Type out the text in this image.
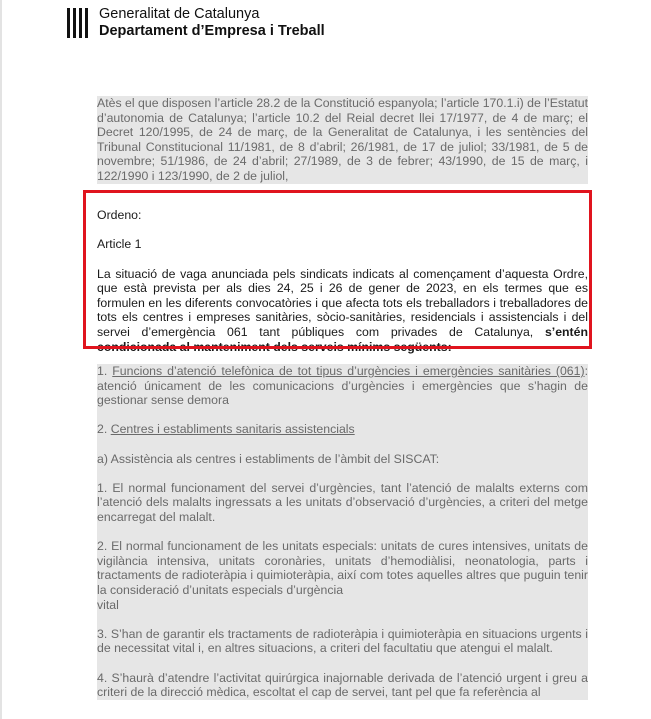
Generalitat de Catalunya
Departament d’Empresa i Treball

Atès el que disposen l’article 28.2 de la Constitució espanyola; l’article 170.1.i) de l’Estatut d’autonomia de Catalunya; l’article 10.2 del Reial decret llei 17/1977, de 4 de març; el Decret 120/1995, de 24 de març, de la Generalitat de Catalunya, i les sentències del Tribunal Constitucional 11/1981, de 8 d’abril; 26/1981, de 17 de juliol; 33/1981, de 5 de novembre; 51/1986, de 24 d’abril; 27/1989, de 3 de febrer; 43/1990, de 15 de març, i 122/1990 i 123/1990, de 2 de juliol,

Ordeno:

Article 1

La situació de vaga anunciada pels sindicats indicats al començament d’aquesta Ordre, que està prevista per als dies 24, 25 i 26 de gener de 2023, en els termes que es formulen en les diferents convocatòries i que afecta tots els treballadors i treballadores de tots els centres i empreses sanitàries, sòcio-sanitàries, residencials i assistencials i del servei d’emergència 061 tant públiques com privades de Catalunya, s’entén condicionada al manteniment dels serveis mínims següents:

1. Funcions d’atenció telefònica de tot tipus d’urgències i emergències sanitàries (061): atenció únicament de les comunicacions d’urgències i emergències que s’hagin de gestionar sense demora

2. Centres i establiments sanitaris assistencials

a) Assistència als centres i establiments de l’àmbit del SISCAT:

1. El normal funcionament del servei d’urgències, tant l’atenció de malalts externs com l’atenció dels malalts ingressats a les unitats d’observació d’urgències, a criteri del metge encarregat del malalt.

2. El normal funcionament de les unitats especials: unitats de cures intensives, unitats de vigilància intensiva, unitats coronàries, unitats d’hemodiàlisi, neonatologia, parts i tractaments de radioteràpia i quimioteràpia, així com totes aquelles altres que puguin tenir la consideració d’unitats especials d’urgència

vital

3. S’han de garantir els tractaments de radioteràpia i quimioteràpia en situacions urgents i de necessitat vital i, en altres situacions, a criteri del facultatiu que atengui el malalt.

4. S’haurà d’atendre l’activitat quirúrgica inajornable derivada de l’atenció urgent i greu a criteri de la direcció mèdica, escoltat el cap de servei, tant pel que fa referència al
